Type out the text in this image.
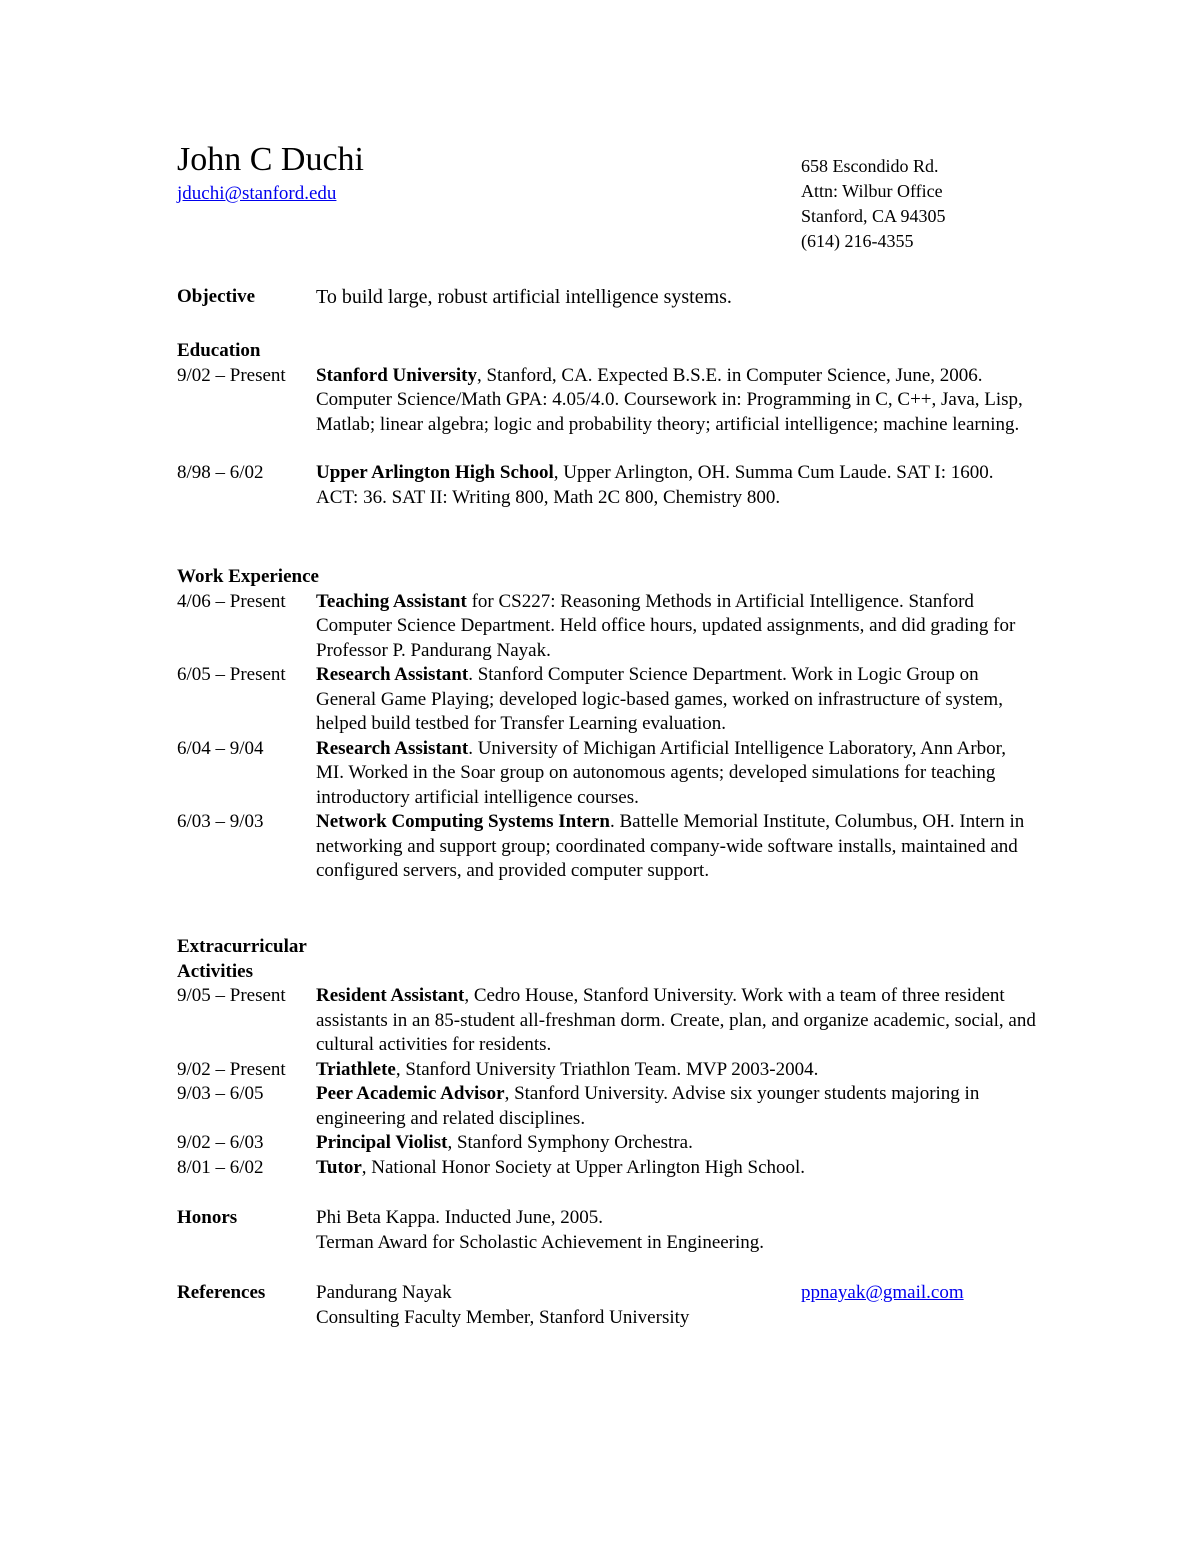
John C Duchi
jduchi@stanford.edu
658 Escondido Rd.
Attn: Wilbur Office
Stanford, CA 94305
(614) 216-4355
Objective	To build large, robust artificial intelligence systems.
Education
9/02 – Present	Stanford University, Stanford, CA. Expected B.S.E. in Computer Science, June, 2006. Computer Science/Math GPA: 4.05/4.0. Coursework in: Programming in C, C++, Java, Lisp, Matlab; linear algebra; logic and probability theory; artificial intelligence; machine learning.
8/98 – 6/02	Upper Arlington High School, Upper Arlington, OH. Summa Cum Laude. SAT I: 1600. ACT: 36. SAT II: Writing 800, Math 2C 800, Chemistry 800.
Work Experience
4/06 – Present	Teaching Assistant for CS227: Reasoning Methods in Artificial Intelligence. Stanford Computer Science Department. Held office hours, updated assignments, and did grading for Professor P. Pandurang Nayak.
6/05 – Present	Research Assistant. Stanford Computer Science Department. Work in Logic Group on General Game Playing; developed logic-based games, worked on infrastructure of system, helped build testbed for Transfer Learning evaluation.
6/04 – 9/04	Research Assistant. University of Michigan Artificial Intelligence Laboratory, Ann Arbor, MI. Worked in the Soar group on autonomous agents; developed simulations for teaching introductory artificial intelligence courses.
6/03 – 9/03	Network Computing Systems Intern. Battelle Memorial Institute, Columbus, OH. Intern in networking and support group; coordinated company-wide software installs, maintained and configured servers, and provided computer support.
Extracurricular Activities
9/05 – Present	Resident Assistant, Cedro House, Stanford University. Work with a team of three resident assistants in an 85-student all-freshman dorm. Create, plan, and organize academic, social, and cultural activities for residents.
9/02 – Present	Triathlete, Stanford University Triathlon Team. MVP 2003-2004.
9/03 – 6/05	Peer Academic Advisor, Stanford University. Advise six younger students majoring in engineering and related disciplines.
9/02 – 6/03	Principal Violist, Stanford Symphony Orchestra.
8/01 – 6/02	Tutor, National Honor Society at Upper Arlington High School.
Honors	Phi Beta Kappa. Inducted June, 2005.
Terman Award for Scholastic Achievement in Engineering.
References	Pandurang Nayak	ppnayak@gmail.com
Consulting Faculty Member, Stanford University
